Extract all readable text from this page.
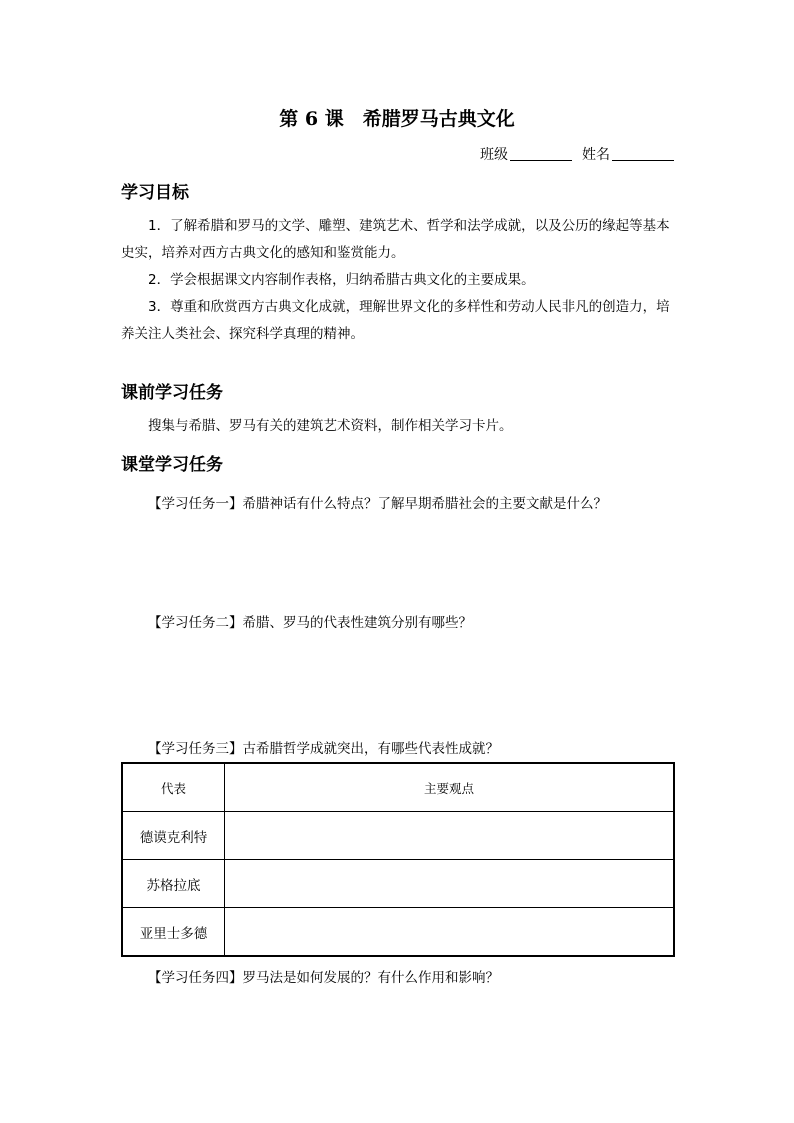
第 6 课　希腊罗马古典文化
班级	姓名
学习目标

1．了解希腊和罗马的文学、雕塑、建筑艺术、哲学和法学成就，以及公历的缘起等基本史实，培养对西方古典文化的感知和鉴赏能力。

2．学会根据课文内容制作表格，归纳希腊古典文化的主要成果。

3．尊重和欣赏西方古典文化成就，理解世界文化的多样性和劳动人民非凡的创造力，培养关注人类社会、探究科学真理的精神。

课前学习任务
搜集与希腊、罗马有关的建筑艺术资料，制作相关学习卡片。
课堂学习任务
【学习任务一】希腊神话有什么特点？了解早期希腊社会的主要文献是什么？
【学习任务二】希腊、罗马的代表性建筑分别有哪些？
【学习任务三】古希腊哲学成就突出，有哪些代表性成就？
代表	主要观点
德谟克利特	
苏格拉底	
亚里士多德	
【学习任务四】罗马法是如何发展的？有什么作用和影响？
